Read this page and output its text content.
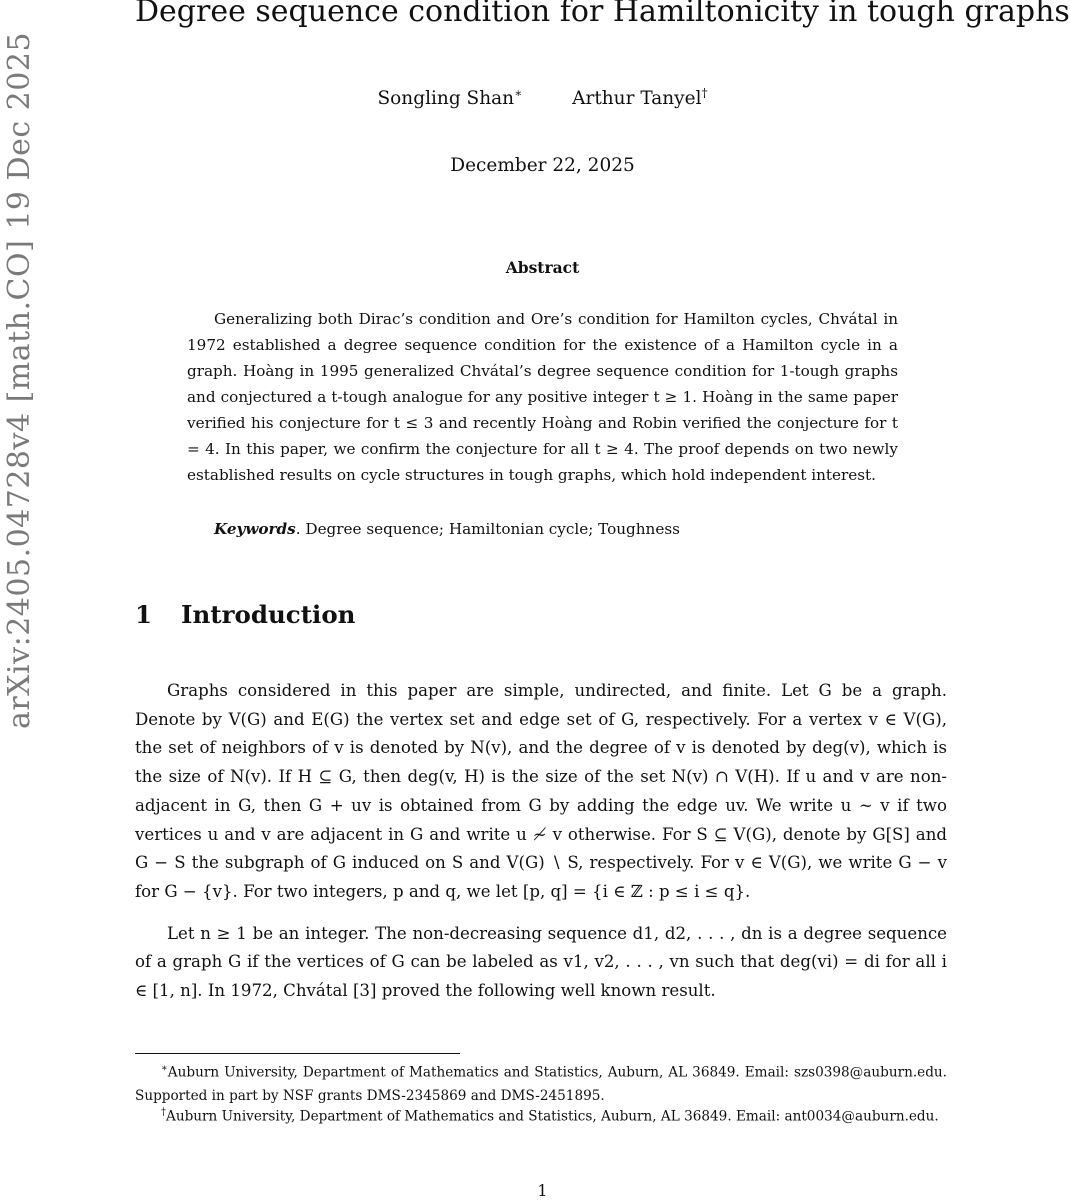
arXiv:2405.04728v4 [math.CO] 19 Dec 2025
Degree sequence condition for Hamiltonicity in tough graphs
Songling Shan∗	Arthur Tanyel†
December 22, 2025
Abstract

Generalizing both Dirac’s condition and Ore’s condition for Hamilton cycles, Chvátal in 1972 established a degree sequence condition for the existence of a Hamilton cycle in a graph. Hoàng in 1995 generalized Chvátal’s degree sequence condition for 1-tough graphs and conjectured a t-tough analogue for any positive integer t ≥ 1. Hoàng in the same paper verified his conjecture for t ≤ 3 and recently Hoàng and Robin verified the conjecture for t = 4. In this paper, we confirm the conjecture for all t ≥ 4. The proof depends on two newly established results on cycle structures in tough graphs, which hold independent interest.

Keywords. Degree sequence; Hamiltonian cycle; Toughness
1 Introduction

Graphs considered in this paper are simple, undirected, and finite. Let G be a graph. Denote by V(G) and E(G) the vertex set and edge set of G, respectively. For a vertex v ∈ V(G), the set of neighbors of v is denoted by N(v), and the degree of v is denoted by deg(v), which is the size of N(v). If H ⊆ G, then deg(v, H) is the size of the set N(v) ∩ V(H). If u and v are non-adjacent in G, then G + uv is obtained from G by adding the edge uv. We write u ∼ v if two vertices u and v are adjacent in G and write u ≁ v otherwise. For S ⊆ V(G), denote by G[S] and G − S the subgraph of G induced on S and V(G) ∖ S, respectively. For v ∈ V(G), we write G − v for G − {v}. For two integers, p and q, we let [p, q] = {i ∈ ℤ : p ≤ i ≤ q}.

Let n ≥ 1 be an integer. The non-decreasing sequence d1, d2, . . . , dn is a degree sequence of a graph G if the vertices of G can be labeled as v1, v2, . . . , vn such that deg(vi) = di for all i ∈ [1, n]. In 1972, Chvátal [3] proved the following well known result.

∗Auburn University, Department of Mathematics and Statistics, Auburn, AL 36849. Email: szs0398@auburn.edu. Supported in part by NSF grants DMS-2345869 and DMS-2451895.

†Auburn University, Department of Mathematics and Statistics, Auburn, AL 36849. Email: ant0034@auburn.edu.

1
